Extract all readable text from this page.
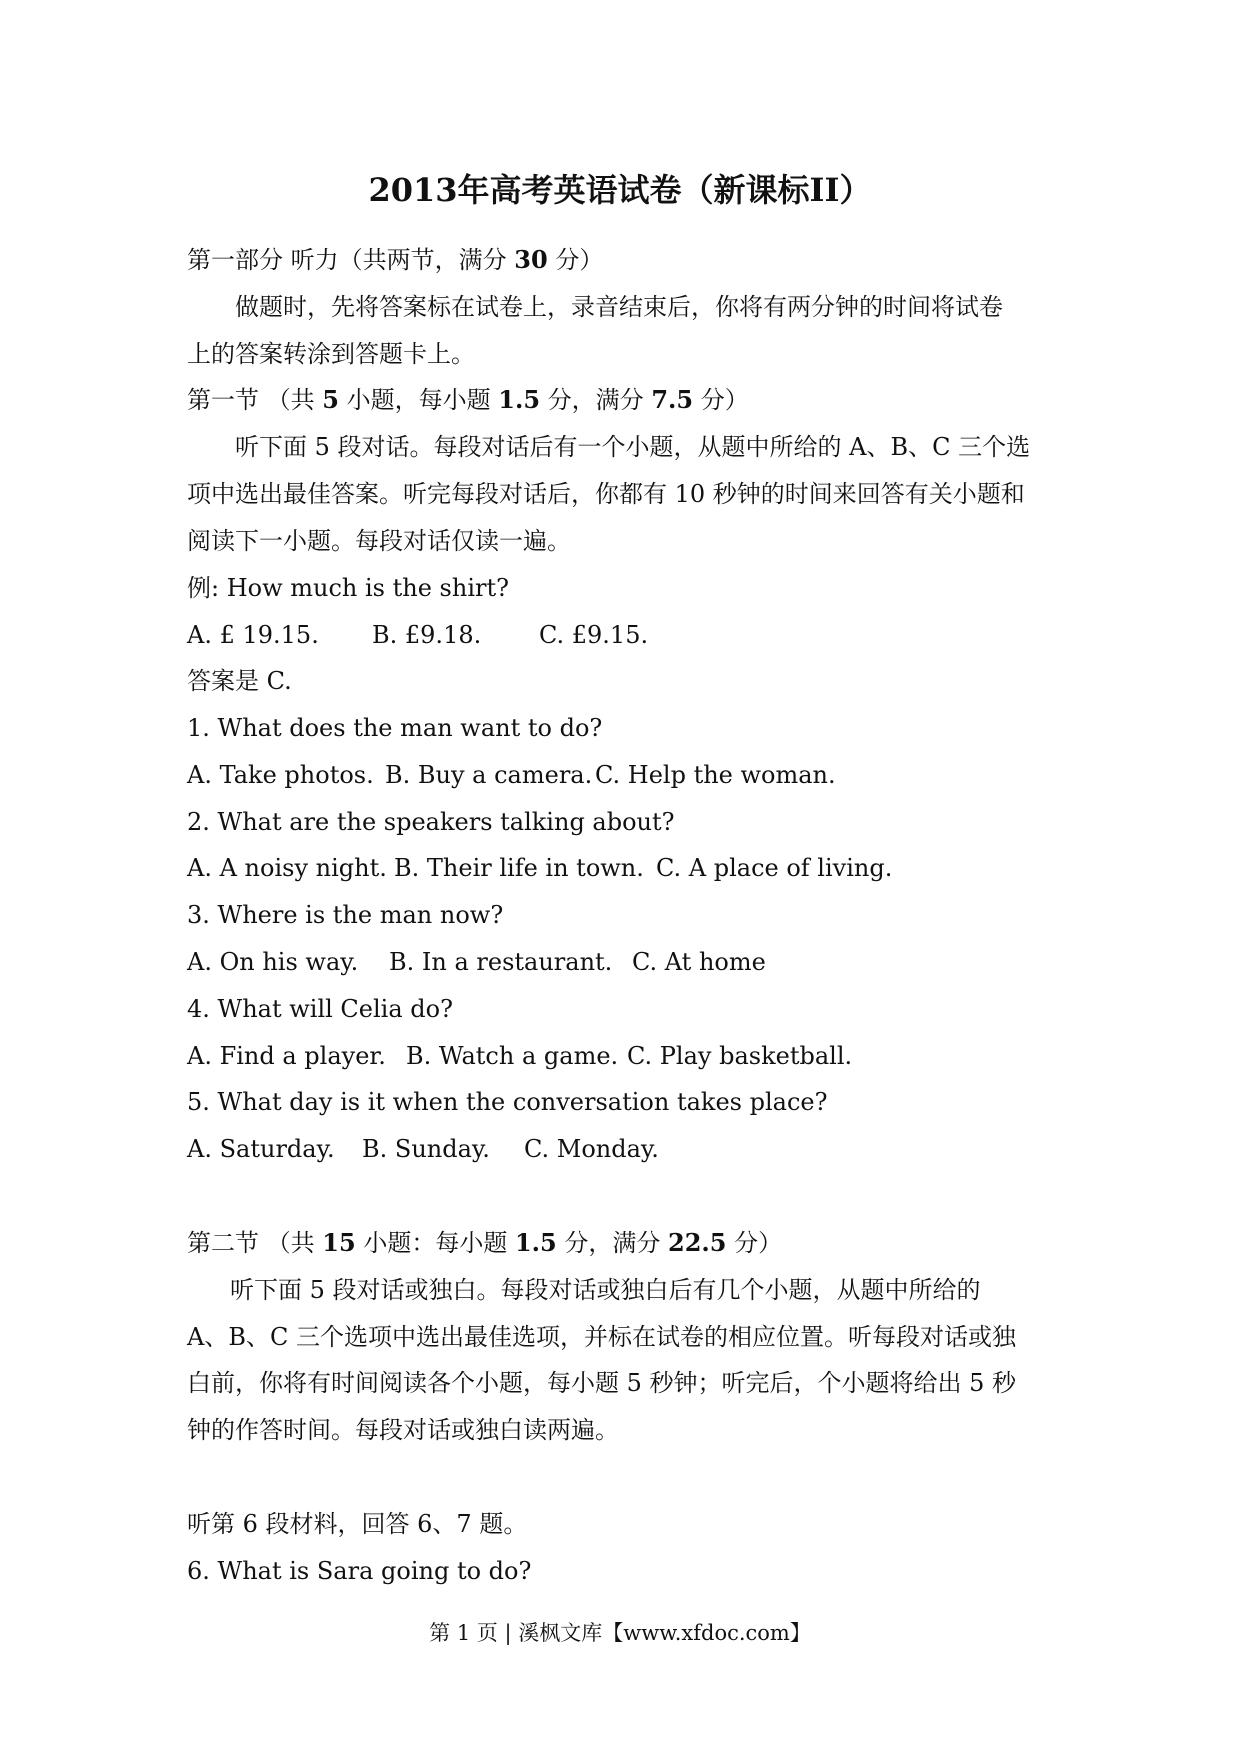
2013年高考英语试卷（新课标II）
第一部分 听力（共两节，满分 30 分）
做题时，先将答案标在试卷上，录音结束后，你将有两分钟的时间将试卷
上的答案转涂到答题卡上。
第一节 （共 5 小题，每小题 1.5 分，满分 7.5 分）
听下面 5 段对话。每段对话后有一个小题，从题中所给的 A、B、C 三个选
项中选出最佳答案。听完每段对话后，你都有 10 秒钟的时间来回答有关小题和
阅读下一小题。每段对话仅读一遍。
例: How much is the shirt?
A. £ 19.15. B. £9.18. C. £9.15.
答案是 C.
1. What does the man want to do?
A. Take photos. B. Buy a camera. C. Help the woman.
2. What are the speakers talking about?
A. A noisy night. B. Their life in town. C. A place of living.
3. Where is the man now?
A. On his way. B. In a restaurant. C. At home
4. What will Celia do?
A. Find a player. B. Watch a game. C. Play basketball.
5. What day is it when the conversation takes place?
A. Saturday. B. Sunday. C. Monday.
第二节 （共 15 小题：每小题 1.5 分，满分 22.5 分）
听下面 5 段对话或独白。每段对话或独白后有几个小题，从题中所给的
A、B、C 三个选项中选出最佳选项，并标在试卷的相应位置。听每段对话或独
白前，你将有时间阅读各个小题，每小题 5 秒钟；听完后，个小题将给出 5 秒
钟的作答时间。每段对话或独白读两遍。
听第 6 段材料，回答 6、7 题。
6. What is Sara going to do?
第 1 页 | 溪枫文库【www.xfdoc.com】
